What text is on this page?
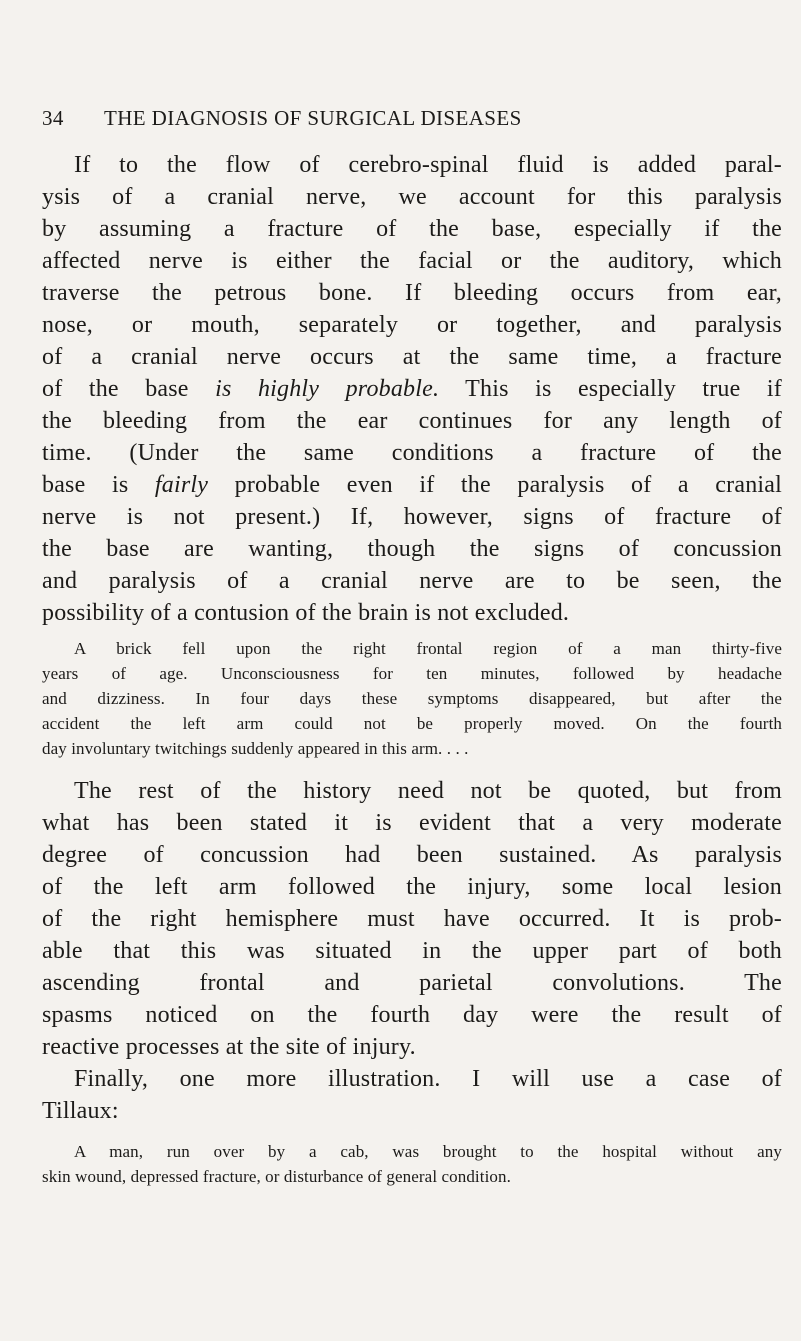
34 THE DIAGNOSIS OF SURGICAL DISEASES
If to the flow of cerebro-spinal fluid is added paral-
ysis of a cranial nerve, we account for this paralysis
by assuming a fracture of the base, especially if the
affected nerve is either the facial or the auditory, which
traverse the petrous bone. If bleeding occurs from ear,
nose, or mouth, separately or together, and paralysis
of a cranial nerve occurs at the same time, a fracture
of the base is highly probable. This is especially true if
the bleeding from the ear continues for any length of
time. (Under the same conditions a fracture of the
base is fairly probable even if the paralysis of a cranial
nerve is not present.) If, however, signs of fracture of
the base are wanting, though the signs of concussion
and paralysis of a cranial nerve are to be seen, the
possibility of a contusion of the brain is not excluded.
A brick fell upon the right frontal region of a man thirty-five
years of age. Unconsciousness for ten minutes, followed by headache
and dizziness. In four days these symptoms disappeared, but after the
accident the left arm could not be properly moved. On the fourth
day involuntary twitchings suddenly appeared in this arm. . . .
The rest of the history need not be quoted, but from
what has been stated it is evident that a very moderate
degree of concussion had been sustained. As paralysis
of the left arm followed the injury, some local lesion
of the right hemisphere must have occurred. It is prob-
able that this was situated in the upper part of both
ascending frontal and parietal convolutions. The
spasms noticed on the fourth day were the result of
reactive processes at the site of injury.
Finally, one more illustration. I will use a case of
Tillaux:
A man, run over by a cab, was brought to the hospital without any
skin wound, depressed fracture, or disturbance of general condition.
